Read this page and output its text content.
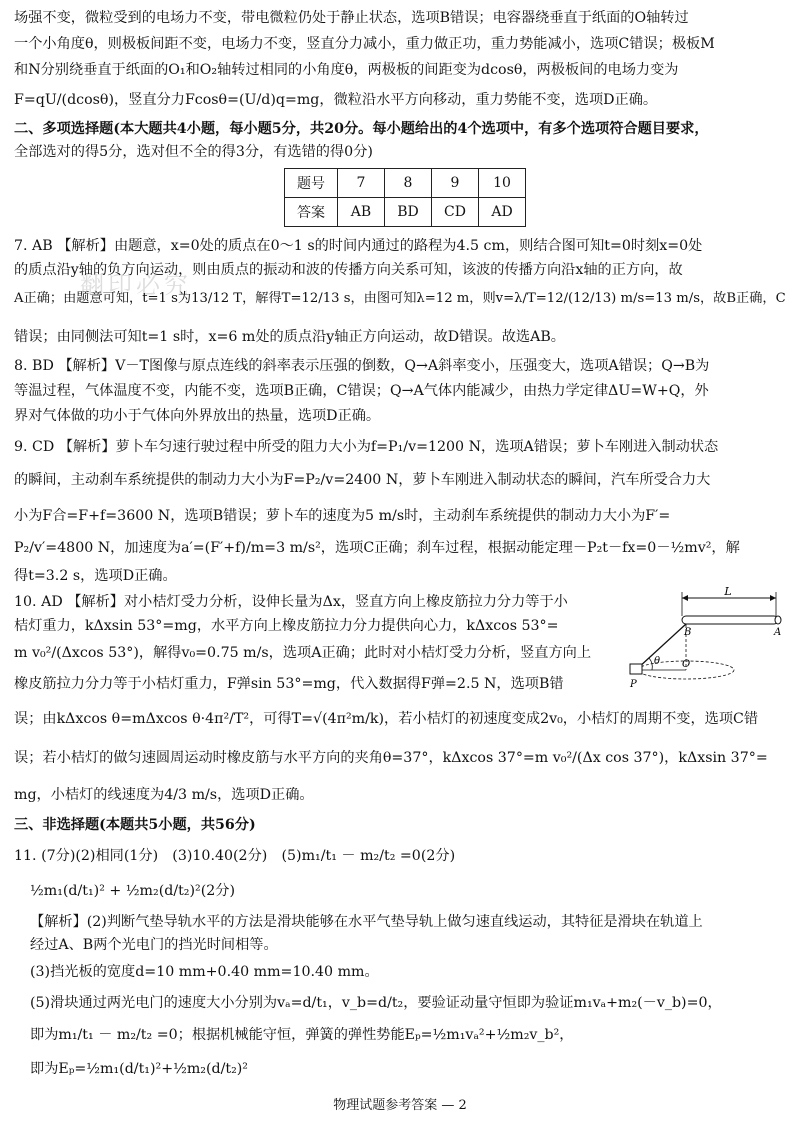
翻印必究
场强不变，微粒受到的电场力不变，带电微粒仍处于静止状态，选项B错误；电容器绕垂直于纸面的O轴转过
一个小角度θ，则极板间距不变，电场力不变，竖直分力减小，重力做正功，重力势能减小，选项C错误；极板M
和N分别绕垂直于纸面的O₁和O₂轴转过相同的小角度θ，两极板的间距变为dcosθ，两极板间的电场力变为
F=qU/(dcosθ)，竖直分力Fcosθ=(U/d)q=mg，微粒沿水平方向移动，重力势能不变，选项D正确。
二、多项选择题(本大题共4小题，每小题5分，共20分。每小题给出的4个选项中，有多个选项符合题目要求，
全部选对的得5分，选对但不全的得3分，有选错的得0分)
题号	7	8	9	10
答案	AB	BD	CD	AD
7. AB 【解析】由题意，x=0处的质点在0～1 s的时间内通过的路程为4.5 cm，则结合图可知t=0时刻x=0处
的质点沿y轴的负方向运动，则由质点的振动和波的传播方向关系可知，该波的传播方向沿x轴的正方向，故
A正确；由题意可知，t=1 s为13/12 T，解得T=12/13 s，由图可知λ=12 m，则v=λ/T=12/(12/13) m/s=13 m/s，故B正确，C
错误；由同侧法可知t=1 s时，x=6 m处的质点沿y轴正方向运动，故D错误。故选AB。
8. BD 【解析】V－T图像与原点连线的斜率表示压强的倒数，Q→A斜率变小，压强变大，选项A错误；Q→B为
等温过程，气体温度不变，内能不变，选项B正确，C错误；Q→A气体内能减少，由热力学定律ΔU=W+Q，外
界对气体做的功小于气体向外界放出的热量，选项D正确。
9. CD 【解析】萝卜车匀速行驶过程中所受的阻力大小为f=P₁/v=1200 N，选项A错误；萝卜车刚进入制动状态
的瞬间，主动刹车系统提供的制动力大小为F=P₂/v=2400 N，萝卜车刚进入制动状态的瞬间，汽车所受合力大
小为F合=F+f=3600 N，选项B错误；萝卜车的速度为5 m/s时，主动刹车系统提供的制动力大小为F′=
P₂/v′=4800 N，加速度为a′=(F′+f)/m=3 m/s²，选项C正确；刹车过程，根据动能定理－P₂t－fx=0－½mv²，解
得t=3.2 s，选项D正确。
10. AD 【解析】对小桔灯受力分析，设伸长量为Δx，竖直方向上橡皮筋拉力分力等于小
桔灯重力，kΔxsin 53°=mg，水平方向上橡皮筋拉力分力提供向心力，kΔxcos 53°=
m v₀²/(Δxcos 53°)，解得v₀=0.75 m/s，选项A正确；此时对小桔灯受力分析，竖直方向上
橡皮筋拉力分力等于小桔灯重力，F弹sin 53°=mg，代入数据得F弹=2.5 N，选项B错
误；由kΔxcos θ=mΔxcos θ·4π²/T²，可得T=√(4π²m/k)，若小桔灯的初速度变成2v₀，小桔灯的周期不变，选项C错
误；若小桔灯的做匀速圆周运动时橡皮筋与水平方向的夹角θ=37°，kΔxcos 37°=m v₀²/(Δx cos 37°)，kΔxsin 37°=
mg，小桔灯的线速度为4/3 m/s，选项D正确。
L
B	A
θ O
P
三、非选择题(本题共5小题，共56分)
11. (7分)(2)相同(1分)　(3)10.40(2分)　(5)m₁/t₁ － m₂/t₂ =0(2分)
½m₁(d/t₁)² + ½m₂(d/t₂)²(2分)
【解析】(2)判断气垫导轨水平的方法是滑块能够在水平气垫导轨上做匀速直线运动，其特征是滑块在轨道上
经过A、B两个光电门的挡光时间相等。
(3)挡光板的宽度d=10 mm+0.40 mm=10.40 mm。
(5)滑块通过两光电门的速度大小分别为vₐ=d/t₁，v_b=d/t₂，要验证动量守恒即为验证m₁vₐ+m₂(－v_b)=0，
即为m₁/t₁ － m₂/t₂ =0；根据机械能守恒，弹簧的弹性势能Eₚ=½m₁vₐ²+½m₂v_b²，
即为Eₚ=½m₁(d/t₁)²+½m₂(d/t₂)²
物理试题参考答案 — 2
